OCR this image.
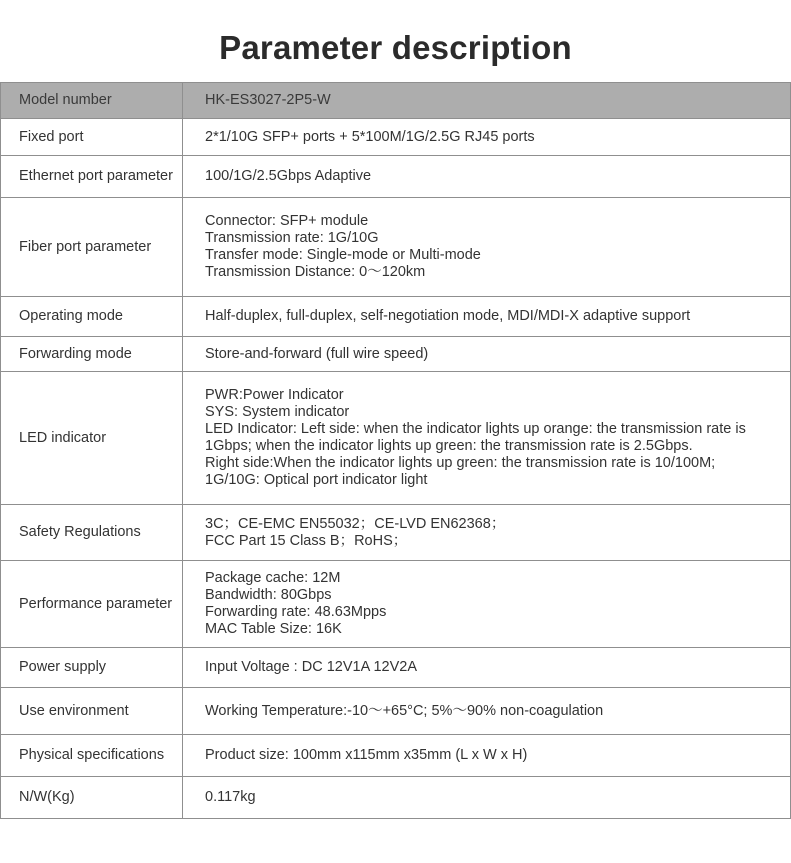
Parameter description
Model number	HK-ES3027-2P5-W

Fixed port	2*1/10G SFP+ ports + 5*100M/1G/2.5G RJ45 ports

Ethernet port parameter	100/1G/2.5Gbps Adaptive

Fiber port parameter	Connector: SFP+ module
Transmission rate: 1G/10G
Transfer mode: Single-mode or Multi-mode
Transmission Distance: 0～120km

Operating mode	Half-duplex, full-duplex, self-negotiation mode, MDI/MDI-X adaptive support

Forwarding mode	Store-and-forward (full wire speed)

LED indicator	PWR:Power Indicator
SYS: System indicator
LED Indicator: Left side: when the indicator lights up orange: the transmission rate is 1Gbps; when the indicator lights up green: the transmission rate is 2.5Gbps.
Right side:When the indicator lights up green: the transmission rate is 10/100M;
1G/10G: Optical port indicator light

Safety Regulations	3C；CE-EMC EN55032；CE-LVD EN62368；
FCC Part 15 Class B；RoHS；

Performance parameter	Package cache: 12M
Bandwidth: 80Gbps
Forwarding rate: 48.63Mpps
MAC Table Size: 16K

Power supply	Input Voltage : DC 12V1A 12V2A

Use environment	Working Temperature:-10～+65°C; 5%～90% non-coagulation

Physical specifications	Product size: 100mm x115mm x35mm (L x W x H)

N/W(Kg)	0.117kg
